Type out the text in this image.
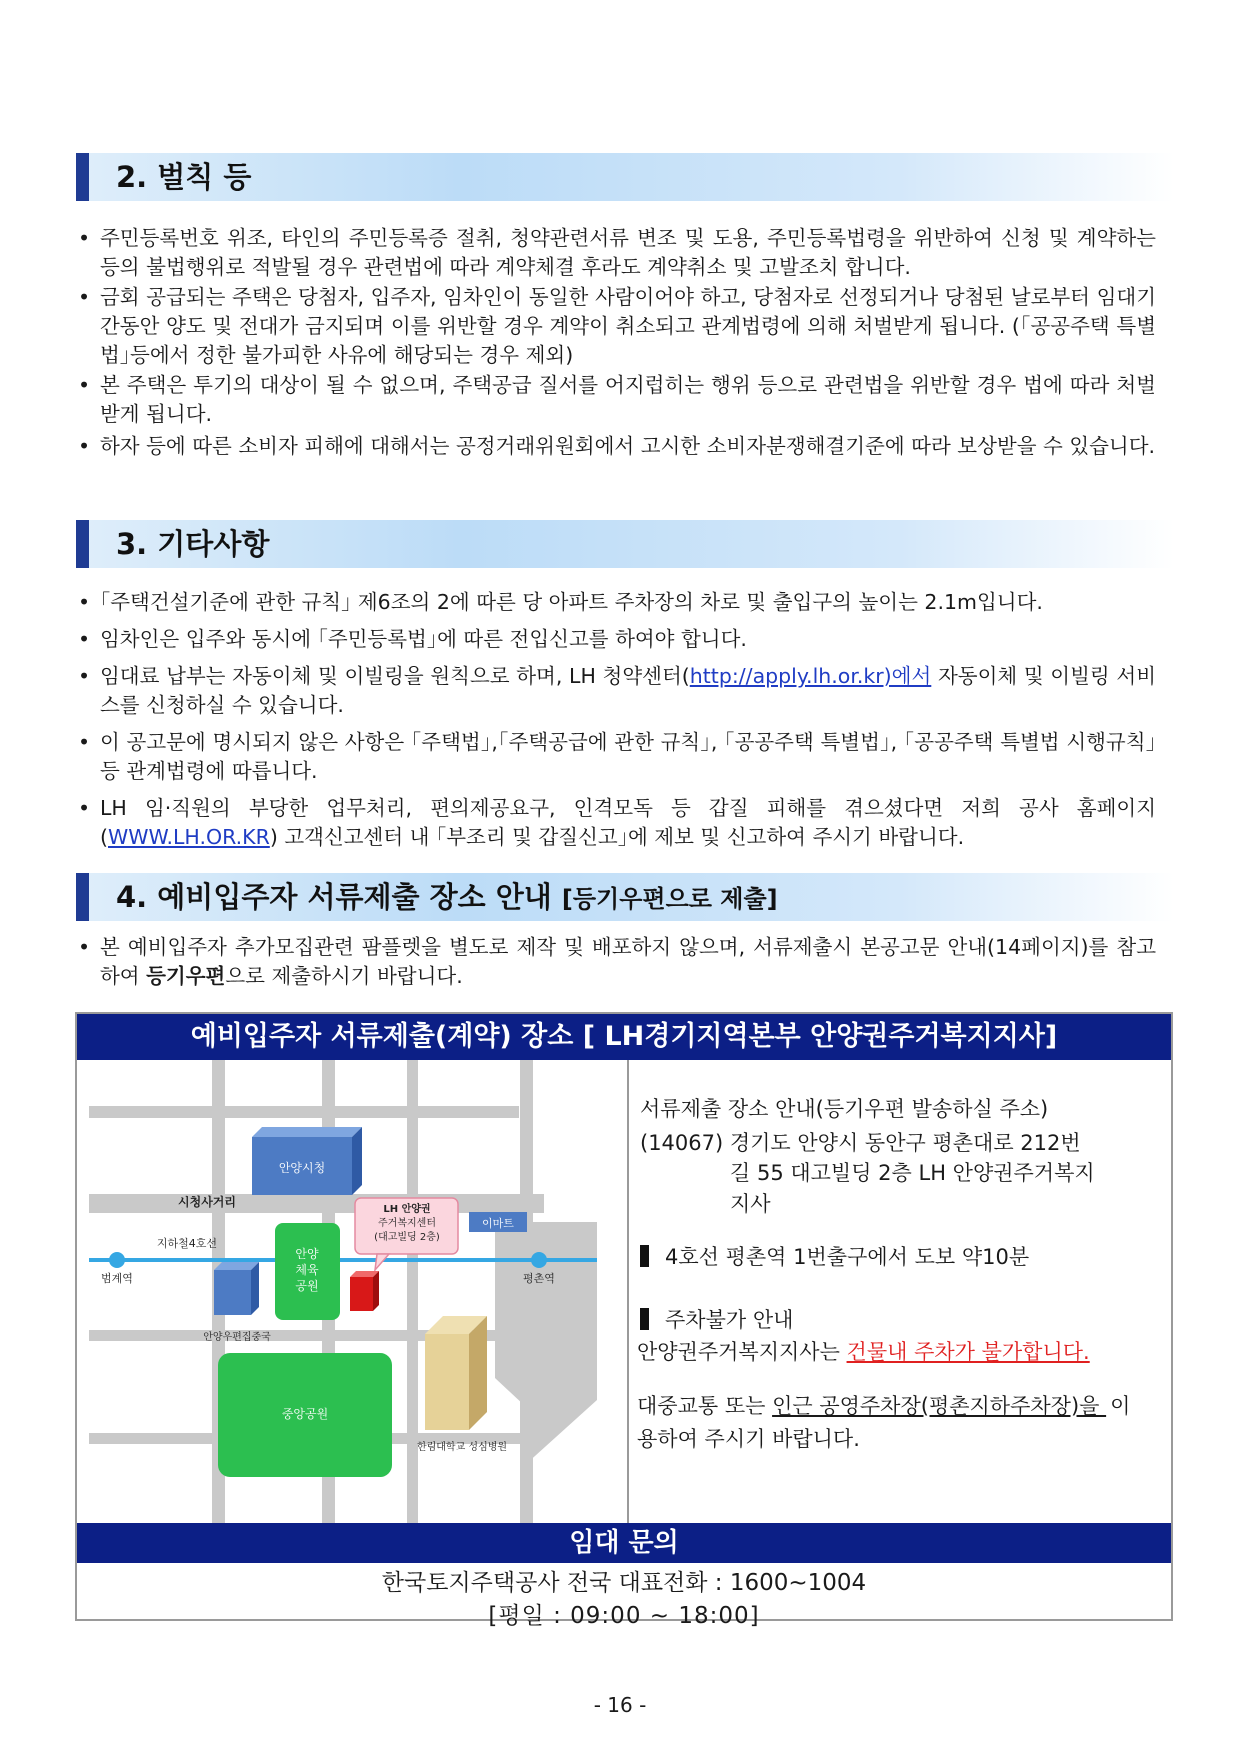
2. 벌칙 등
• 주민등록번호 위조, 타인의 주민등록증 절취, 청약관련서류 변조 및 도용, 주민등록법령을 위반하여 신청 및 계약하는 등의 불법행위로 적발될 경우 관련법에 따라 계약체결 후라도 계약취소 및 고발조치 합니다.
• 금회 공급되는 주택은 당첨자, 입주자, 임차인이 동일한 사람이어야 하고, 당첨자로 선정되거나 당첨된 날로부터 임대기간동안 양도 및 전대가 금지되며 이를 위반할 경우 계약이 취소되고 관계법령에 의해 처벌받게 됩니다. (｢공공주택 특별법｣등에서 정한 불가피한 사유에 해당되는 경우 제외)
• 본 주택은 투기의 대상이 될 수 없으며, 주택공급 질서를 어지럽히는 행위 등으로 관련법을 위반할 경우 법에 따라 처벌받게 됩니다.
• 하자 등에 따른 소비자 피해에 대해서는 공정거래위원회에서 고시한 소비자분쟁해결기준에 따라 보상받을 수 있습니다.
3. 기타사항
• ｢주택건설기준에 관한 규칙｣ 제6조의 2에 따른 당 아파트 주차장의 차로 및 출입구의 높이는 2.1m입니다.
• 임차인은 입주와 동시에 ｢주민등록법｣에 따른 전입신고를 하여야 합니다.
• 임대료 납부는 자동이체 및 이빌링을 원칙으로 하며, LH 청약센터(http://apply.lh.or.kr)에서 자동이체 및 이빌링 서비스를 신청하실 수 있습니다.
• 이 공고문에 명시되지 않은 사항은 ｢주택법｣,｢주택공급에 관한 규칙｣, ｢공공주택 특별법｣, ｢공공주택 특별법 시행규칙｣등 관계법령에 따릅니다.
• LH 임·직원의 부당한 업무처리, 편의제공요구, 인격모독 등 갑질 피해를 겪으셨다면 저희 공사 홈페이지 (WWW.LH.OR.KR) 고객신고센터 내 ｢부조리 및 갑질신고｣에 제보 및 신고하여 주시기 바랍니다.
4. 예비입주자 서류제출 장소 안내 [등기우편으로 제출]
• 본 예비입주자 추가모집관련 팜플렛을 별도로 제작 및 배포하지 않으며, 서류제출시 본공고문 안내(14페이지)를 참고하여 등기우편으로 제출하시기 바랍니다.
예비입주자 서류제출(계약) 장소 [ LH경기지역본부 안양권주거복지지사]
안양시청
시청사거리
지하철4호선
범계역	평촌역
안양
체육
공원
안양우편집중국
LH 안양권
주거복지센터
(대고빌딩 2층)
이마트
중앙공원
한림대학교 성심병원

서류제출 장소 안내(등기우편 발송하실 주소)

(14067) 경기도 안양시 동안구 평촌대로 212번

길 55 대고빌딩 2층 LH 안양권주거복지

지사

4호선 평촌역 1번출구에서 도보 약10분

주차불가 안내

안양권주거복지지사는 건물내 주차가 불가합니다.

대중교통 또는 인근 공영주차장(평촌지하주차장)을 이

용하여 주시기 바랍니다.

임대 문의
한국토지주택공사 전국 대표전화 : 1600~1004
[평일 : 09:00 ~ 18:00]
- 16 -
